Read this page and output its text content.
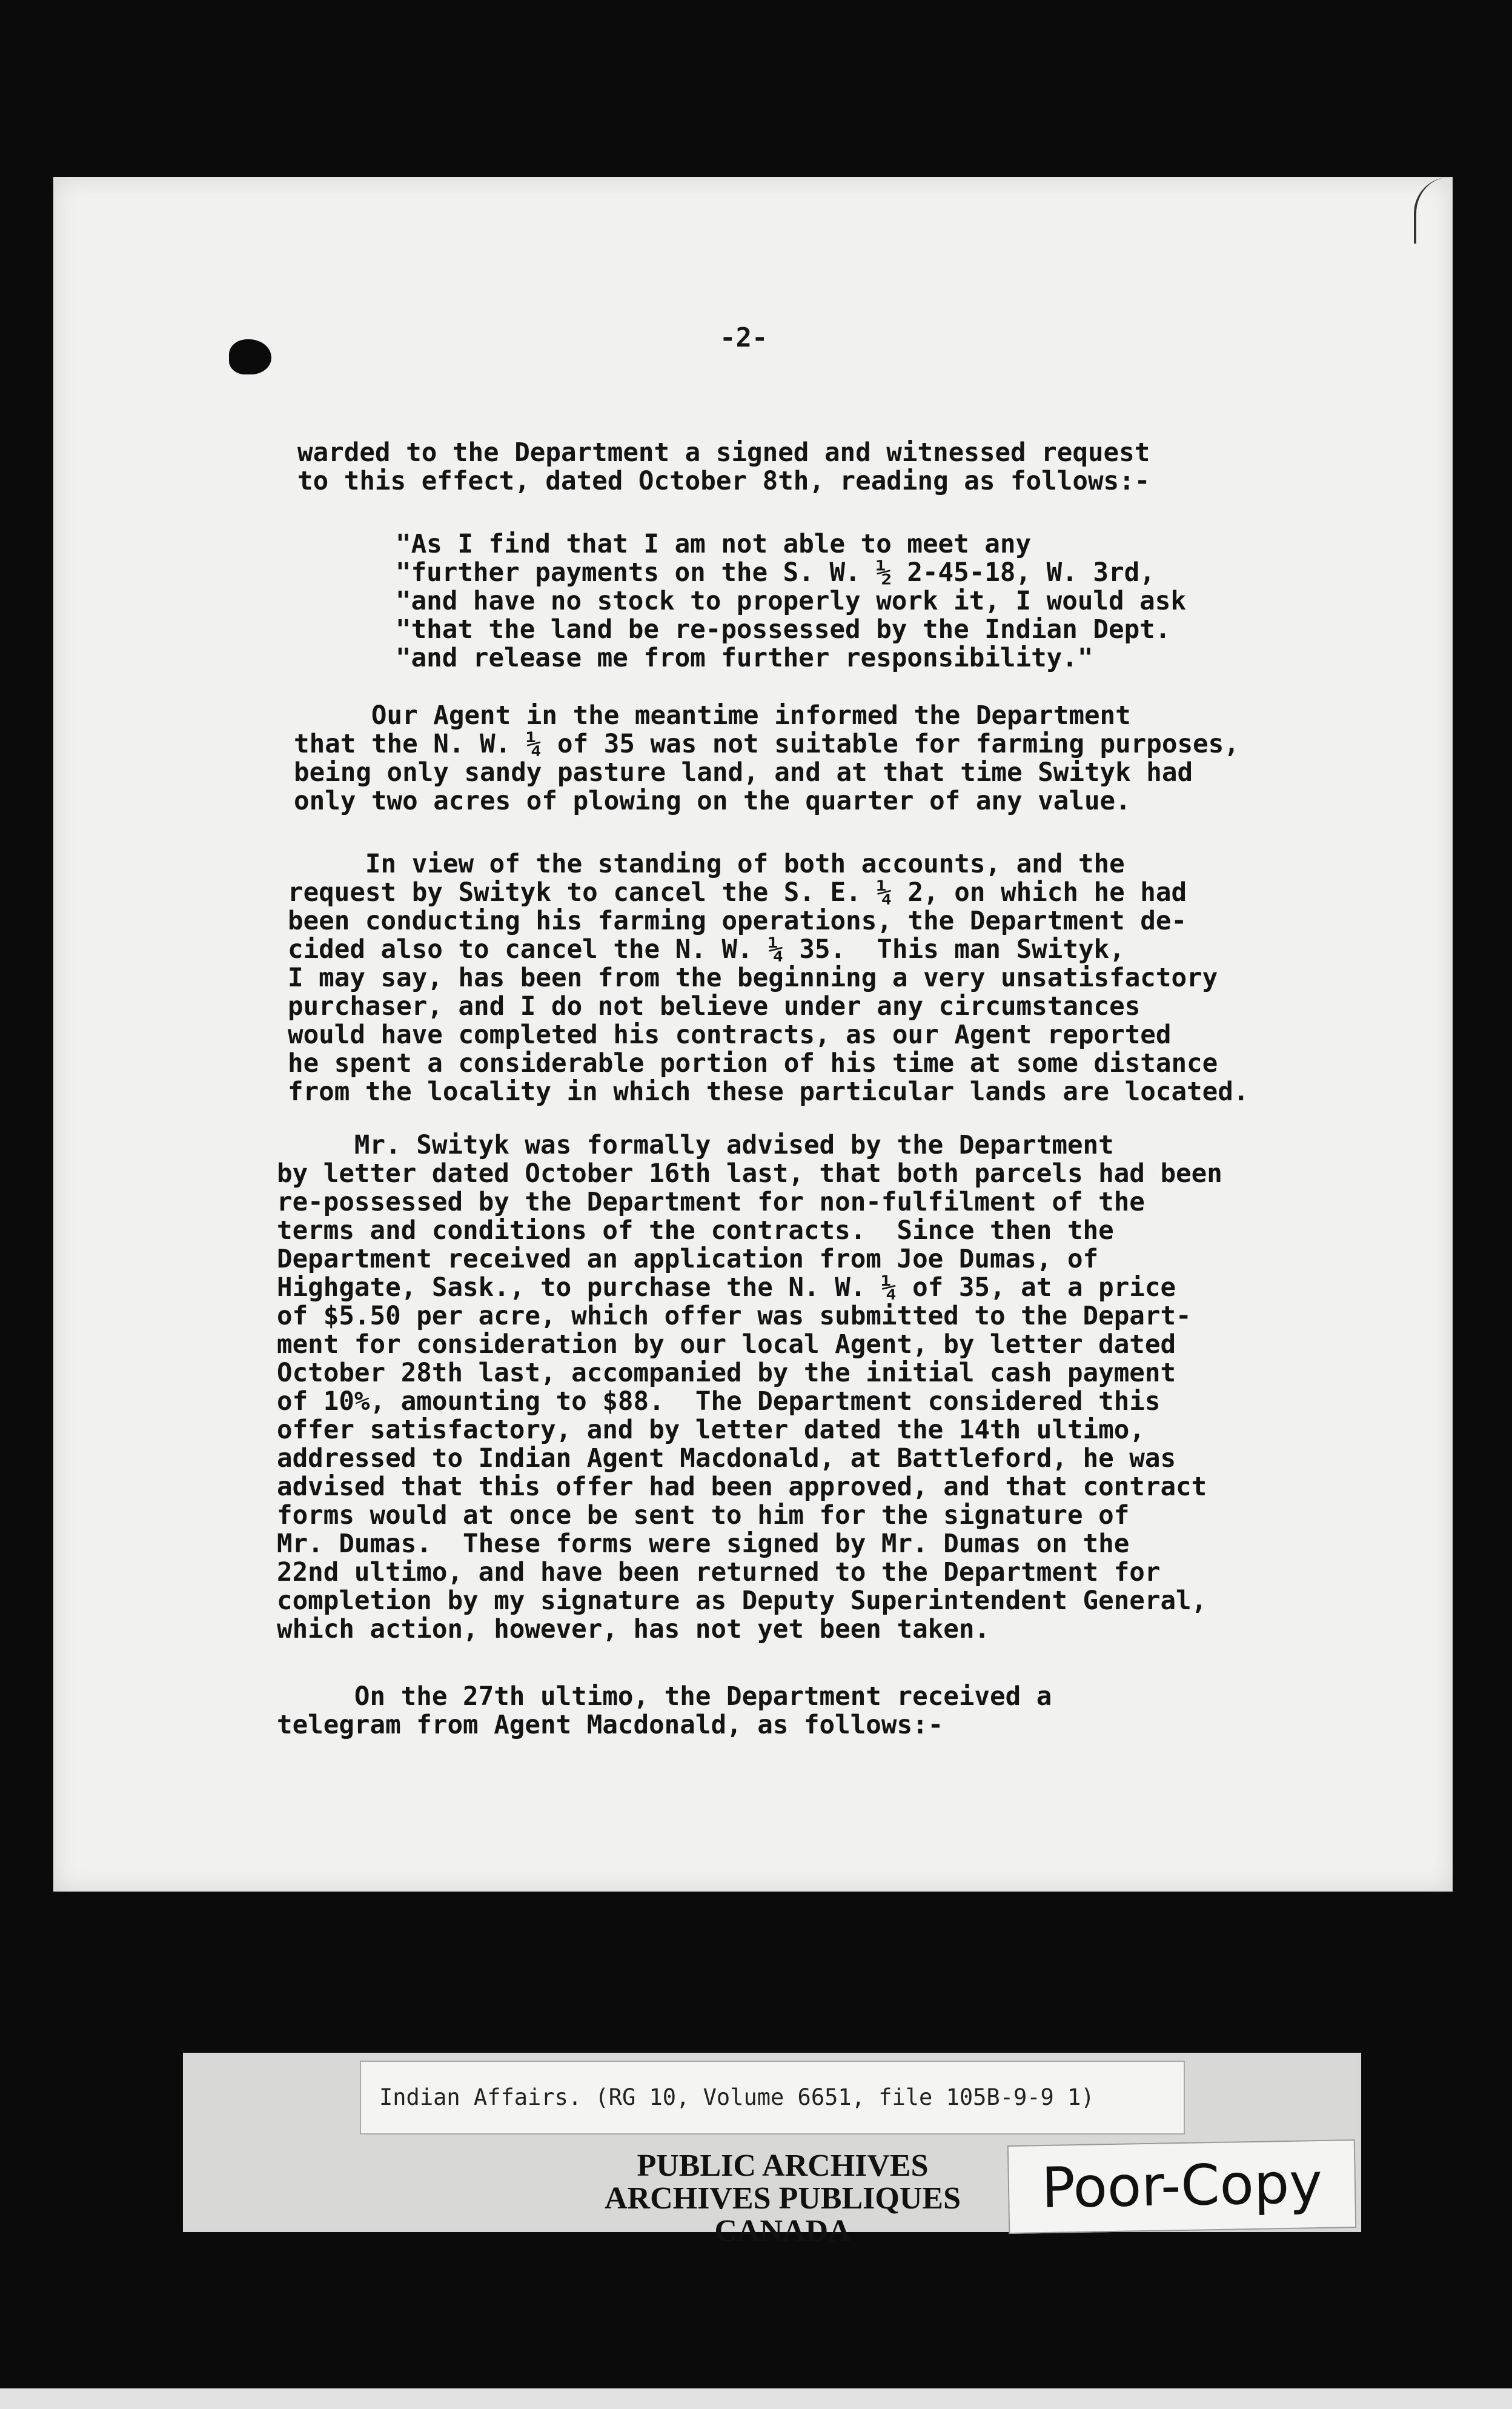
-2-
warded to the Department a signed and witnessed request
to this effect, dated October 8th, reading as follows:-
"As I find that I am not able to meet any
"further payments on the S. W. ½ 2-45-18, W. 3rd,
"and have no stock to properly work it, I would ask
"that the land be re-possessed by the Indian Dept.
"and release me from further responsibility."
Our Agent in the meantime informed the Department
that the N. W. ¼ of 35 was not suitable for farming purposes,
being only sandy pasture land, and at that time Swityk had
only two acres of plowing on the quarter of any value.
In view of the standing of both accounts, and the
request by Swityk to cancel the S. E. ¼ 2, on which he had
been conducting his farming operations, the Department de-
cided also to cancel the N. W. ¼ 35.  This man Swityk,
I may say, has been from the beginning a very unsatisfactory
purchaser, and I do not believe under any circumstances
would have completed his contracts, as our Agent reported
he spent a considerable portion of his time at some distance
from the locality in which these particular lands are located.
Mr. Swityk was formally advised by the Department
by letter dated October 16th last, that both parcels had been
re-possessed by the Department for non-fulfilment of the
terms and conditions of the contracts.  Since then the
Department received an application from Joe Dumas, of
Highgate, Sask., to purchase the N. W. ¼ of 35, at a price
of $5.50 per acre, which offer was submitted to the Depart-
ment for consideration by our local Agent, by letter dated
October 28th last, accompanied by the initial cash payment
of 10%, amounting to $88.  The Department considered this
offer satisfactory, and by letter dated the 14th ultimo,
addressed to Indian Agent Macdonald, at Battleford, he was
advised that this offer had been approved, and that contract
forms would at once be sent to him for the signature of
Mr. Dumas.  These forms were signed by Mr. Dumas on the
22nd ultimo, and have been returned to the Department for
completion by my signature as Deputy Superintendent General,
which action, however, has not yet been taken.
On the 27th ultimo, the Department received a
telegram from Agent Macdonald, as follows:-
Indian Affairs. (RG 10, Volume 6651, file 105B-9-9 1)
PUBLIC ARCHIVES
ARCHIVES PUBLIQUES
CANADA
Poor-Copy
